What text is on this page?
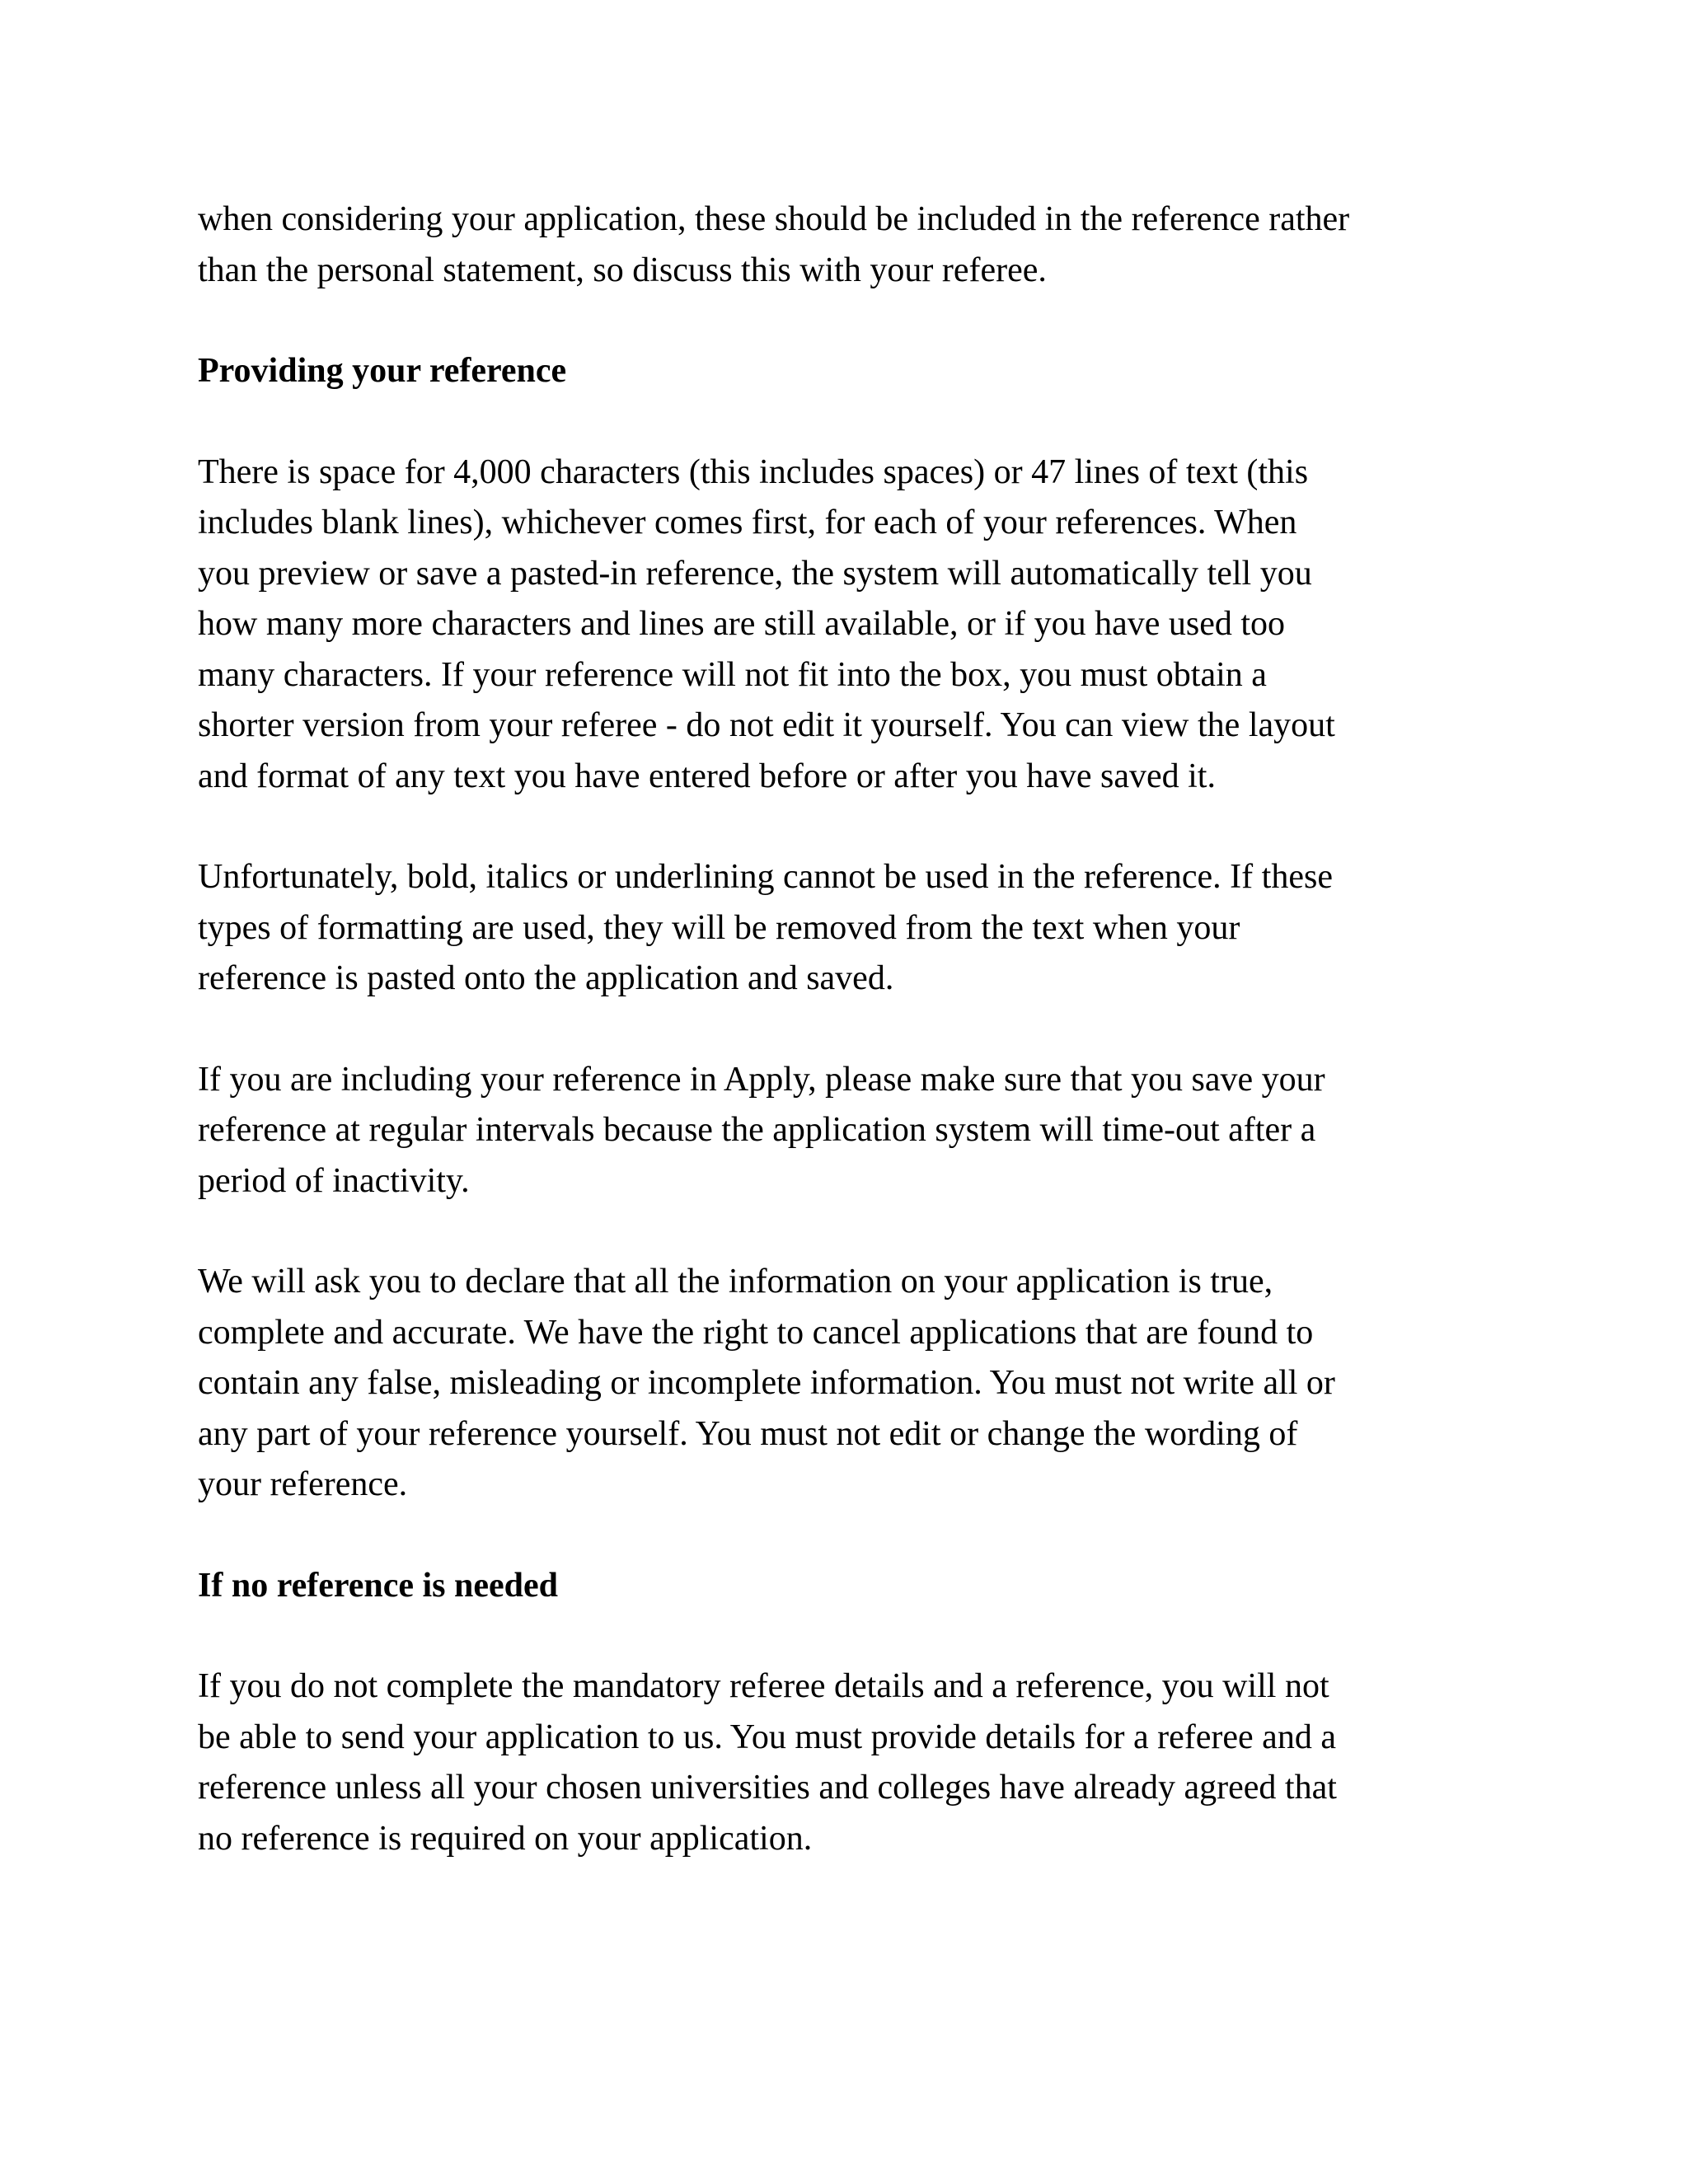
when considering your application, these should be included in the reference rather
than the personal statement, so discuss this with your referee.

Providing your reference

There is space for 4,000 characters (this includes spaces) or 47 lines of text (this
includes blank lines), whichever comes first, for each of your references. When
you preview or save a pasted-in reference, the system will automatically tell you
how many more characters and lines are still available, or if you have used too
many characters. If your reference will not fit into the box, you must obtain a
shorter version from your referee - do not edit it yourself. You can view the layout
and format of any text you have entered before or after you have saved it.

Unfortunately, bold, italics or underlining cannot be used in the reference. If these
types of formatting are used, they will be removed from the text when your
reference is pasted onto the application and saved.

If you are including your reference in Apply, please make sure that you save your
reference at regular intervals because the application system will time-out after a
period of inactivity.

We will ask you to declare that all the information on your application is true,
complete and accurate. We have the right to cancel applications that are found to
contain any false, misleading or incomplete information. You must not write all or
any part of your reference yourself. You must not edit or change the wording of
your reference.

If no reference is needed

If you do not complete the mandatory referee details and a reference, you will not
be able to send your application to us. You must provide details for a referee and a
reference unless all your chosen universities and colleges have already agreed that
no reference is required on your application.
